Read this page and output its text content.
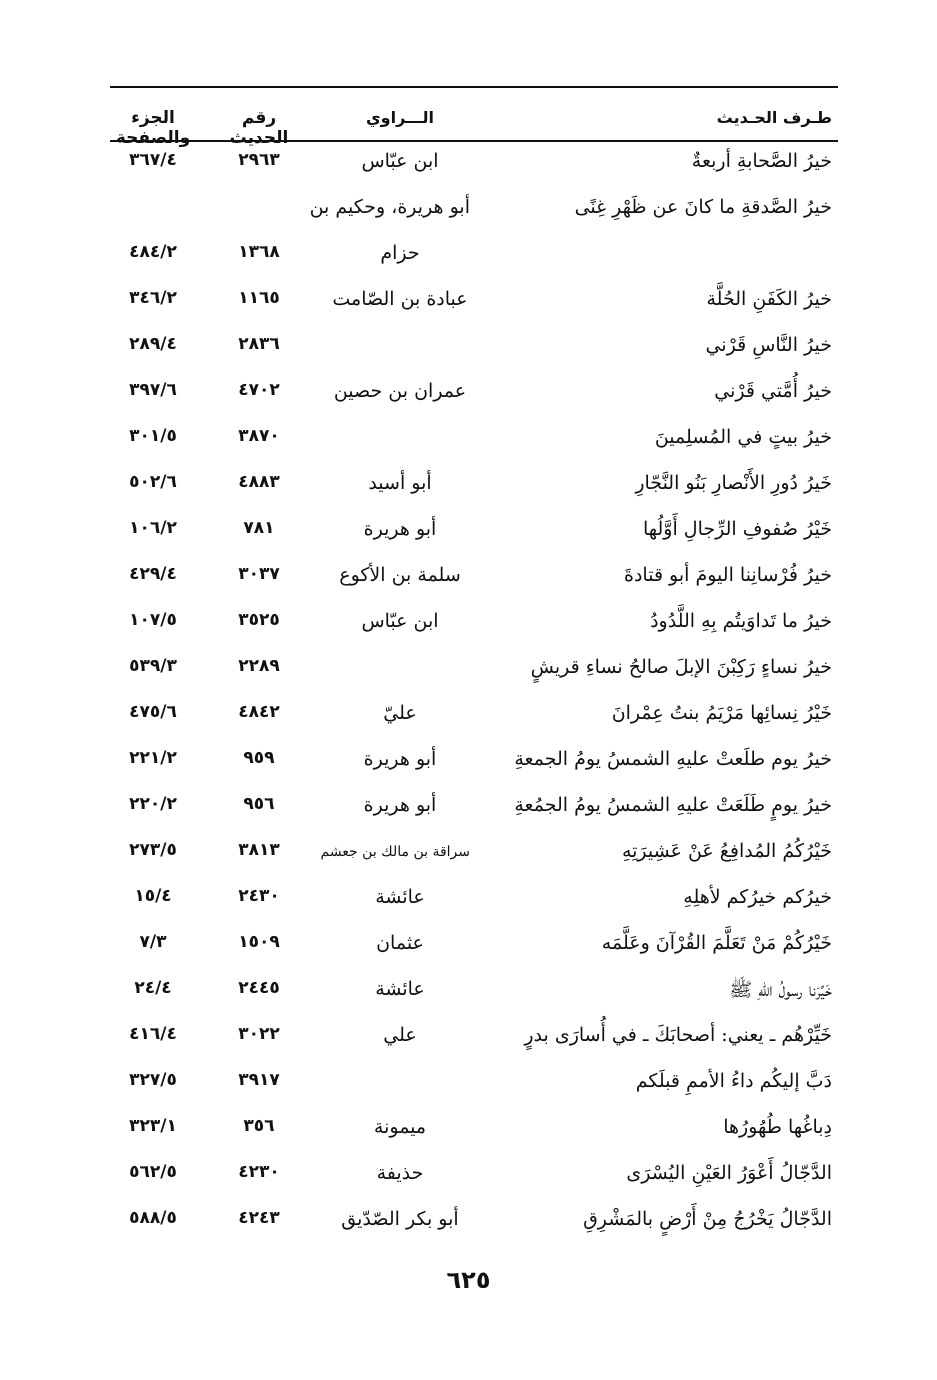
طـرف الحـديث
الـــراوي
رقم الحديث
الجزء والصفحة
خيرُ الصَّحابةِ أربعةٌ
ابن عبّاس
٢٩٦٣
٣٦٧/٤
خيرُ الصَّدقةِ ما كانَ عن ظَهْرِ غِنًى
أبو هريرة، وحكيم بن
حزام
١٣٦٨
٤٨٤/٢
خيرُ الكَفَنِ الحُلَّة
عبادة بن الصّامت
١١٦٥
٣٤٦/٢
خيرُ النَّاسِ قَرْني
٢٨٣٦
٢٨٩/٤
خيرُ أُمَّتي قَرْني
عمران بن حصين
٤٧٠٢
٣٩٧/٦
خيرُ بيتٍ في المُسلِمينَ
٣٨٧٠
٣٠١/٥
خَيرُ دُورِ الأَنْصارِ بَنُو النَّجّارِ
أبو أسيد
٤٨٨٣
٥٠٢/٦
خَيْرُ صُفوفِ الرِّجالِ أَوَّلُها
أبو هريرة
٧٨١
١٠٦/٢
خيرُ فُرْسانِنا اليومَ أبو قتادةَ
سلمة بن الأكوع
٣٠٣٧
٤٢٩/٤
خيرُ ما تَداوَيتُم بِهِ اللَّدُودُ
ابن عبّاس
٣٥٢٥
١٠٧/٥
خيرُ نساءٍ رَكِبْنَ الإبلَ صالحُ نساءِ قريشٍ
٢٢٨٩
٥٣٩/٣
خَيْرُ نِسائِها مَرْيَمُ بنتُ عِمْرانَ
عليّ
٤٨٤٢
٤٧٥/٦
خيرُ يوم طلَعتْ عليهِ الشمسُ يومُ الجمعةِ
أبو هريرة
٩٥٩
٢٢١/٢
خيرُ يومٍ طَلَعَتْ عليهِ الشمسُ يومُ الجمُعةِ
أبو هريرة
٩٥٦
٢٢٠/٢
خَيْرُكُمُ المُدافِعُ عَنْ عَشِيرَتِهِ
سراقة بن مالك بن جعشم
٣٨١٣
٢٧٣/٥
خيرُكم خيرُكم لأهلِهِ
عائشة
٢٤٣٠
١٥/٤
خَيْرُكُمْ مَنْ تَعَلَّمَ القُرْآنَ وعَلَّمَه
عثمان
١٥٠٩
٧/٣
خَيِّرَنا رسولُ اللهِ ﷺ
عائشة
٢٤٤٥
٢٤/٤
خَيِّرْهُم ـ يعني: أصحابَكَ ـ في أُسارَى بدرٍ
علي
٣٠٢٢
٤١٦/٤
دَبَّ إليكُم داءُ الأممِ قبلَكم
٣٩١٧
٣٢٧/٥
دِباغُها طُهُورُها
ميمونة
٣٥٦
٣٢٣/١
الدَّجّالُ أَعْوَرُ العَيْنِ اليُسْرَى
حذيفة
٤٢٣٠
٥٦٢/٥
الدَّجّالُ يَخْرُجُ مِنْ أَرْضٍ بالمَشْرِقِ
أبو بكر الصّدّيق
٤٢٤٣
٥٨٨/٥
٦٢٥
